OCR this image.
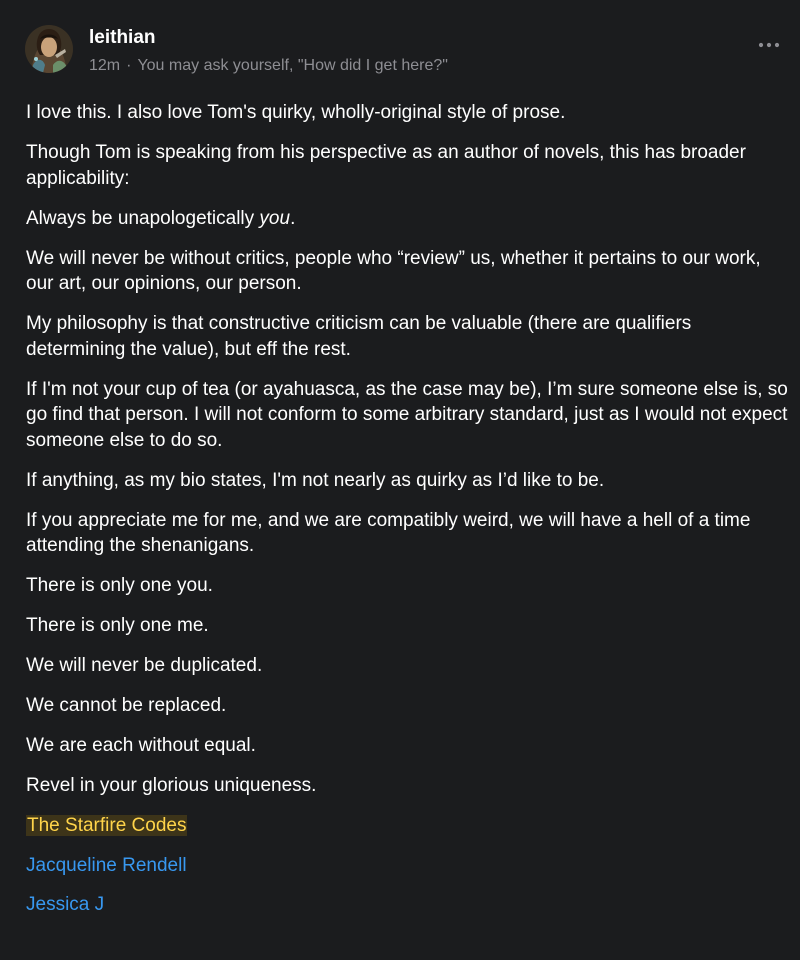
leithian
12m · You may ask yourself, "How did I get here?"

I love this. I also love Tom's quirky, wholly-original style of prose.

Though Tom is speaking from his perspective as an author of novels, this has broader applicability:

Always be unapologetically you.

We will never be without critics, people who “review” us, whether it pertains to our work, our art, our opinions, our person.

My philosophy is that constructive criticism can be valuable (there are qualifiers determining the value), but eff the rest.

If I'm not your cup of tea (or ayahuasca, as the case may be), I’m sure someone else is, so go find that person. I will not conform to some arbitrary standard, just as I would not expect someone else to do so.

If anything, as my bio states, I'm not nearly as quirky as I’d like to be.

If you appreciate me for me, and we are compatibly weird, we will have a hell of a time attending the shenanigans.

There is only one you.

There is only one me.

We will never be duplicated.

We cannot be replaced.

We are each without equal.

Revel in your glorious uniqueness.

The Starfire Codes

Jacqueline Rendell

Jessica J
